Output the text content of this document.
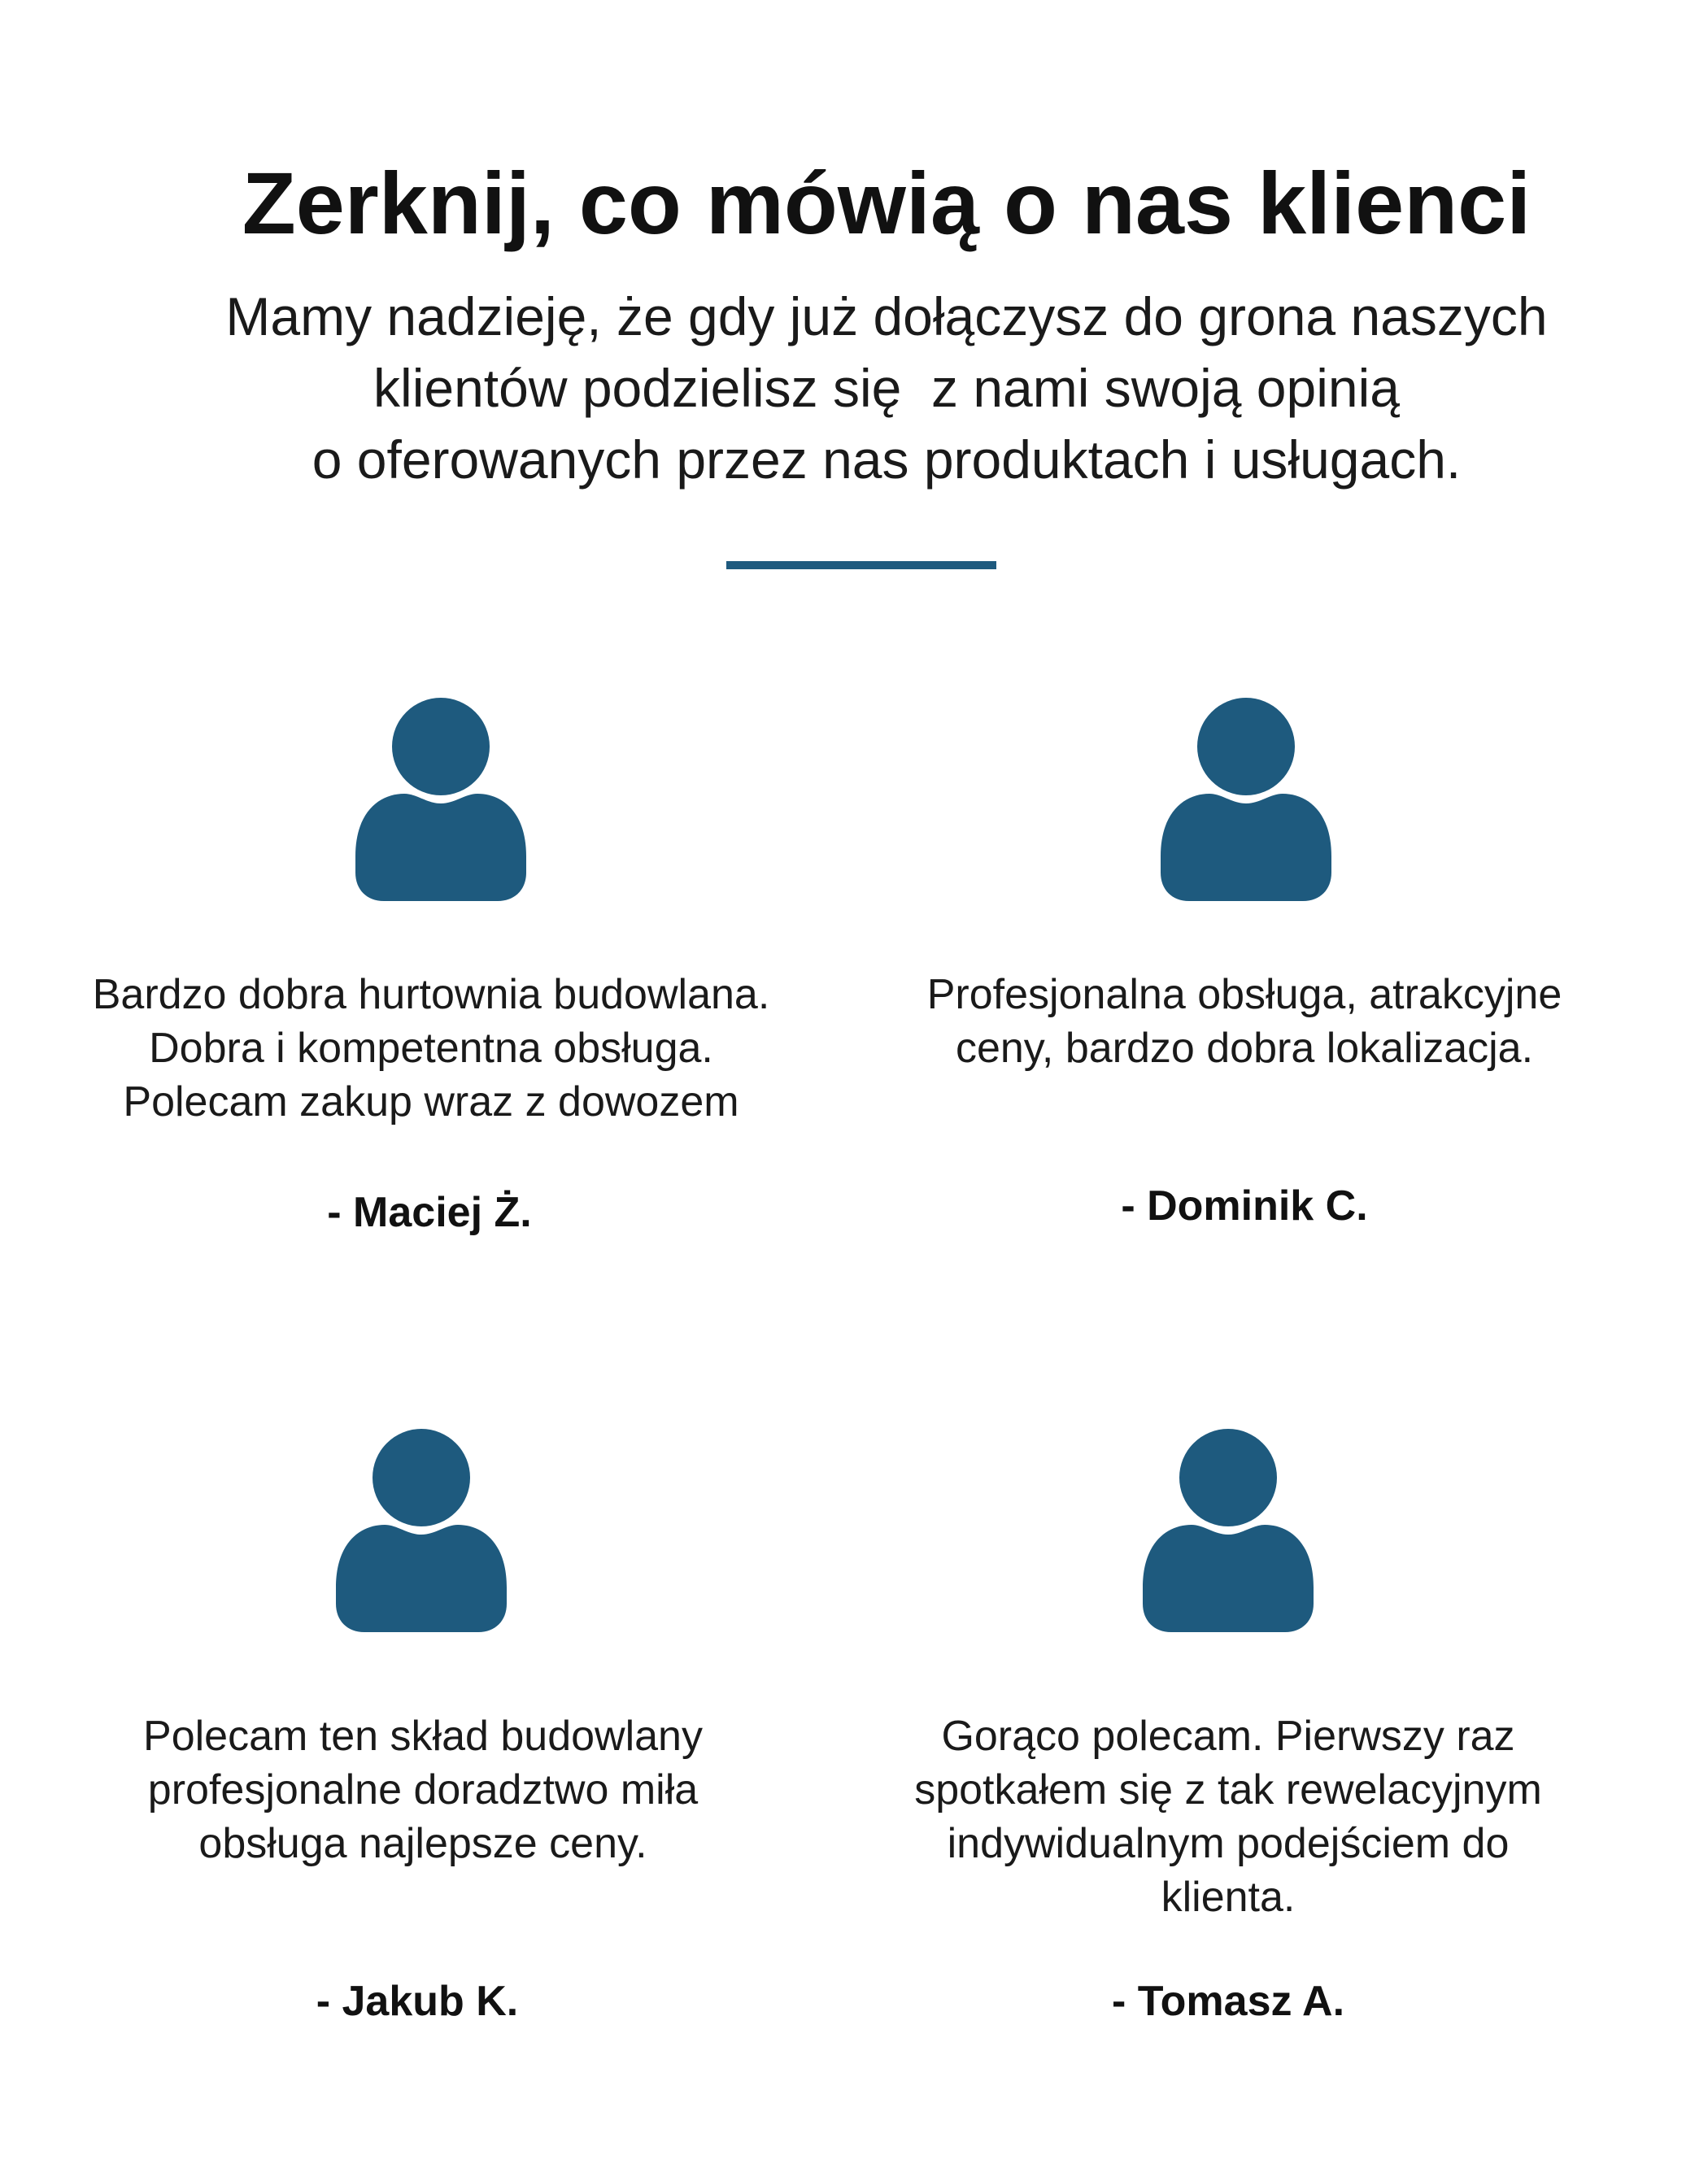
Zerknij, co mówią o nas klienci
Mamy nadzieję, że gdy już dołączysz do grona naszych
klientów podzielisz się  z nami swoją opinią
o oferowanych przez nas produktach i usługach.
Bardzo dobra hurtownia budowlana.
Dobra i kompetentna obsługa.
Polecam zakup wraz z dowozem
- Maciej Ż.
Profesjonalna obsługa, atrakcyjne
ceny, bardzo dobra lokalizacja.
- Dominik C.
Polecam ten skład budowlany
profesjonalne doradztwo miła
obsługa najlepsze ceny.
- Jakub K.
Gorąco polecam. Pierwszy raz
spotkałem się z tak rewelacyjnym
indywidualnym podejściem do
klienta.
- Tomasz A.
